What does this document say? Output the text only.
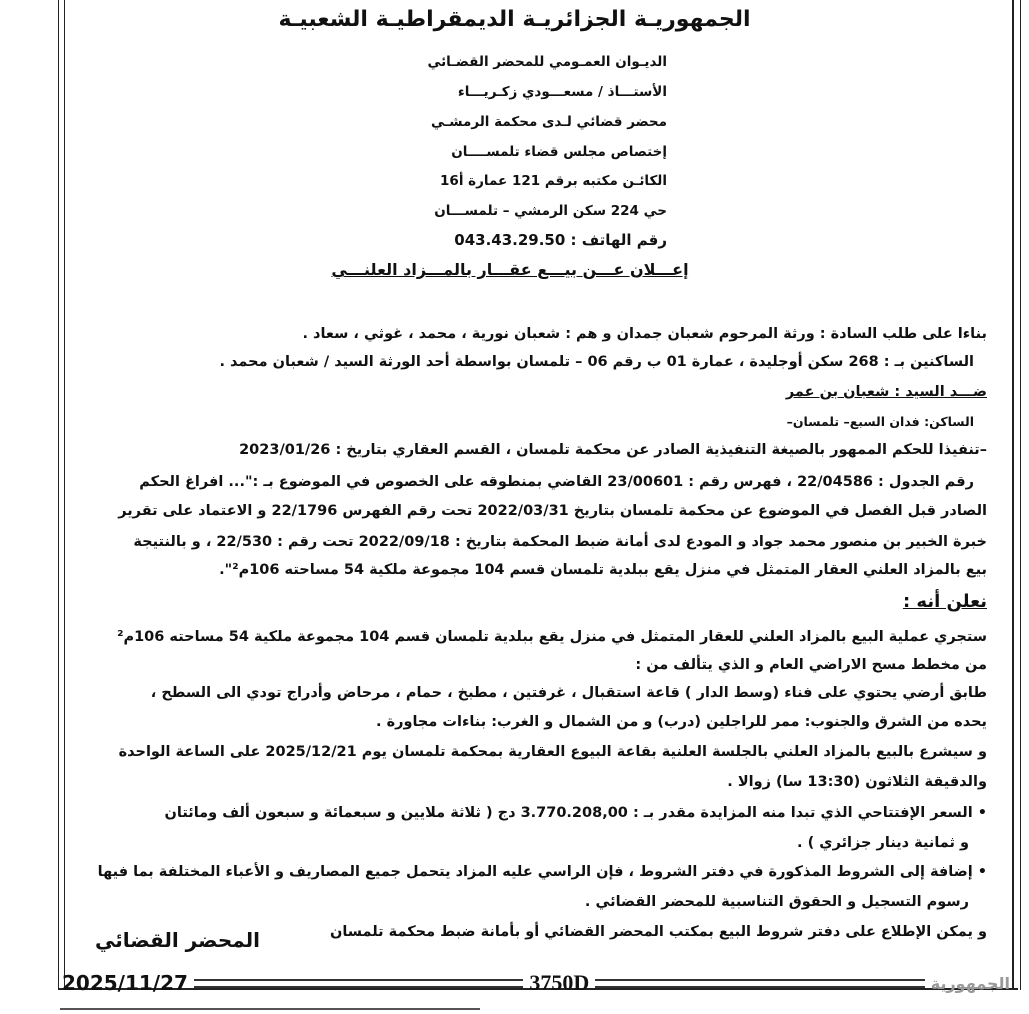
الجمهوريـة الجزائريـة الديمقراطيـة الشعبيـة
الديـوان العمـومي للمحضر القضـائي
الأستـــاذ / مسعـــودي زكـريـــاء
محضر قضائي لـدى محكمة الرمشـي
إختصاص مجلس قضاء تلمســــان
الكائـن مكتبه برقم 121 عمارة أ16
حي 224 سكن الرمشي – تلمســـان
رقم الهاتف : 043.43.29.50
إعـــلان عـــن بيـــع عقـــار بالمـــزاد العلنـــي
بناءا على طلب السادة : ورثة المرحوم شعبان جمدان و هم : شعبان نورية ، محمد ، غوثي ، سعاد .
الساكنين بـ : 268 سكن أوجليدة ، عمارة 01 ب رقم 06 – تلمسان بواسطة أحد الورثة السيد / شعبان محمد .
ضـــد السيد : شعبان بن عمر
الساكن: فدان السبع– تلمسان–
–تنفيذا للحكم الممهور بالصيغة التنفيذية الصادر عن محكمة تلمسان ، القسم العقاري بتاريخ : 2023/01/26
رقم الجدول : 22/04586 ، فهرس رقم : 23/00601 القاضي بمنطوقه على الخصوص في الموضوع بـ :"... افراغ الحكم
الصادر قبل الفصل في الموضوع عن محكمة تلمسان بتاريخ 2022/03/31 تحت رقم الفهرس 22/1796 و الاعتماد على تقرير
خبرة الخبير بن منصور محمد جواد و المودع لدى أمانة ضبط المحكمة بتاريخ : 2022/09/18 تحت رقم : 22/530 ، و بالنتيجة
بيع بالمزاد العلني العقار المتمثل في منزل يقع ببلدية تلمسان قسم 104 مجموعة ملكية 54 مساحته 106م²".
نعلن أنه :
ستجري عملية البيع بالمزاد العلني للعقار المتمثل في منزل يقع ببلدية تلمسان قسم 104 مجموعة ملكية 54 مساحته 106م²
من مخطط مسح الاراضي العام و الذي يتألف من :
طابق أرضي يحتوي على فناء (وسط الدار ) قاعة استقبال ، غرفتين ، مطبخ ، حمام ، مرحاض وأدراج تودي الى السطح ،
يحده من الشرق والجنوب: ممر للراجلين (درب) و من الشمال و الغرب: بناءات مجاورة .
و سيشرع بالبيع بالمزاد العلني بالجلسة العلنية بقاعة البيوع العقارية بمحكمة تلمسان يوم 2025/12/21 على الساعة الواحدة
والدقيقة الثلاثون (13:30 سا) زوالا .
• السعر الإفتتاحي الذي تبدا منه المزايدة مقدر بـ : 3.770.208,00 دج ( ثلاثة ملايين و سبعمائة و سبعون ألف ومائتان
و ثمانية دينار جزائري ) .
• إضافة إلى الشروط المذكورة في دفتر الشروط ، فإن الراسي عليه المزاد يتحمل جميع المصاريف و الأعباء المختلفة بما فيها
رسوم التسجيل و الحقوق التناسبية للمحضر القضائي .
و يمكن الإطلاع على دفتر شروط البيع بمكتب المحضر القضائي أو بأمانة ضبط محكمة تلمسان
المحضر القضائي
2025/11/27	3750D	الجمهورية
